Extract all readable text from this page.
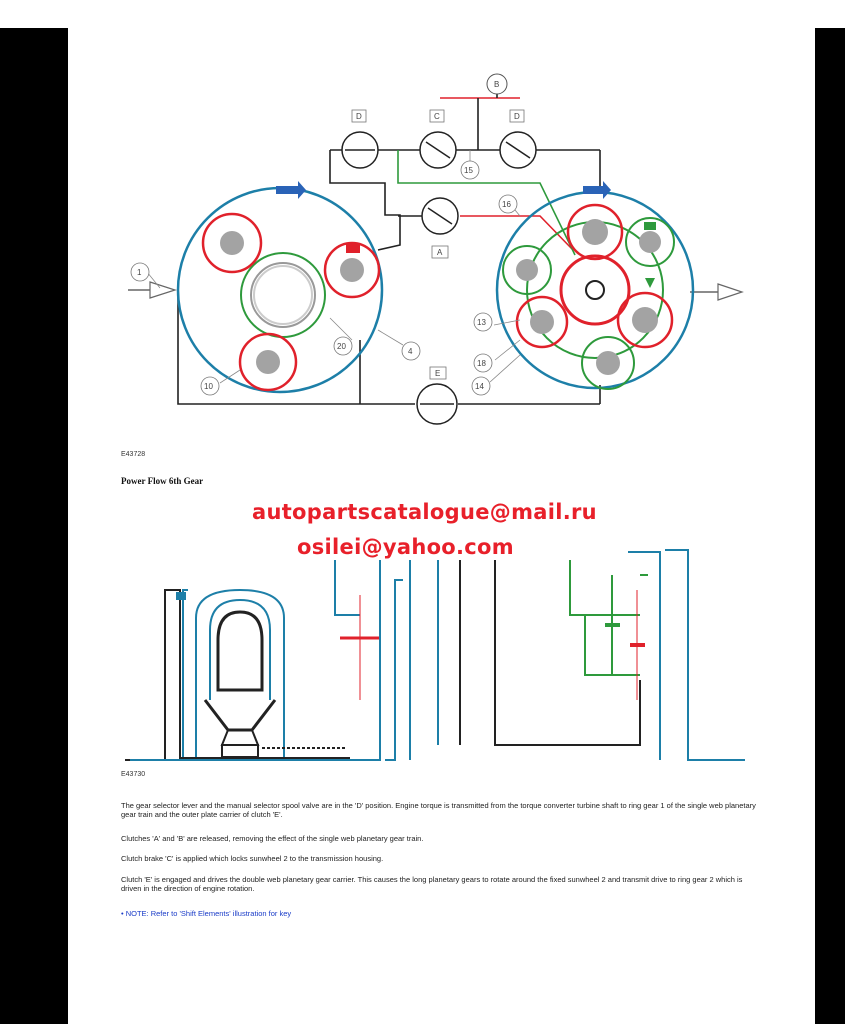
B
D	C	D
A
E
1
20
4
10
13
18
14
15
16
E43728
Power Flow 6th Gear
autopartscatalogue@mail.ru
osilei@yahoo.com
E43730
The gear selector lever and the manual selector spool valve are in the 'D' position. Engine torque is transmitted from the torque converter turbine shaft to ring gear 1 of the single web planetary gear train and the outer plate carrier of clutch 'E'.
Clutches 'A' and 'B' are released, removing the effect of the single web planetary gear train.
Clutch brake 'C' is applied which locks sunwheel 2 to the transmission housing.
Clutch 'E' is engaged and drives the double web planetary gear carrier. This causes the long planetary gears to rotate around the fixed sunwheel 2 and transmit drive to ring gear 2 which is driven in the direction of engine rotation.
• NOTE: Refer to 'Shift Elements' illustration for key
